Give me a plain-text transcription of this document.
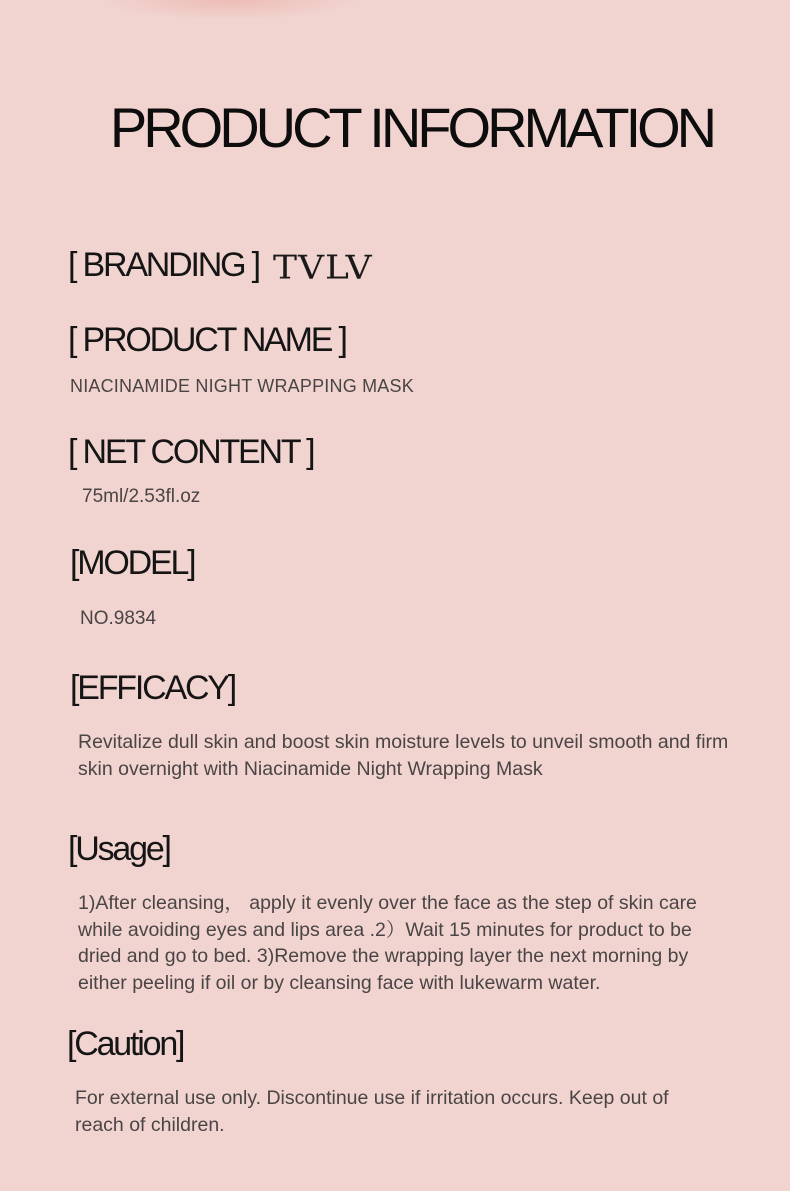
PRODUCT INFORMATION
[ BRANDING ] TVLV
[ PRODUCT NAME ]

NIACINAMIDE NIGHT WRAPPING MASK

[ NET CONTENT ]

75ml/2.53fl.oz

[MODEL]

NO.9834

[EFFICACY]

Revitalize dull skin and boost skin moisture levels to unveil smooth and firm skin overnight with Niacinamide Night Wrapping Mask

[Usage]

1)After cleansing， apply it evenly over the face as the step of skin care while avoiding eyes and lips area .2）Wait 15 minutes for product to be dried and go to bed. 3)Remove the wrapping layer the next morning by either peeling if oil or by cleansing face with lukewarm water.

[Caution]

For external use only. Discontinue use if irritation occurs. Keep out of reach of children.
